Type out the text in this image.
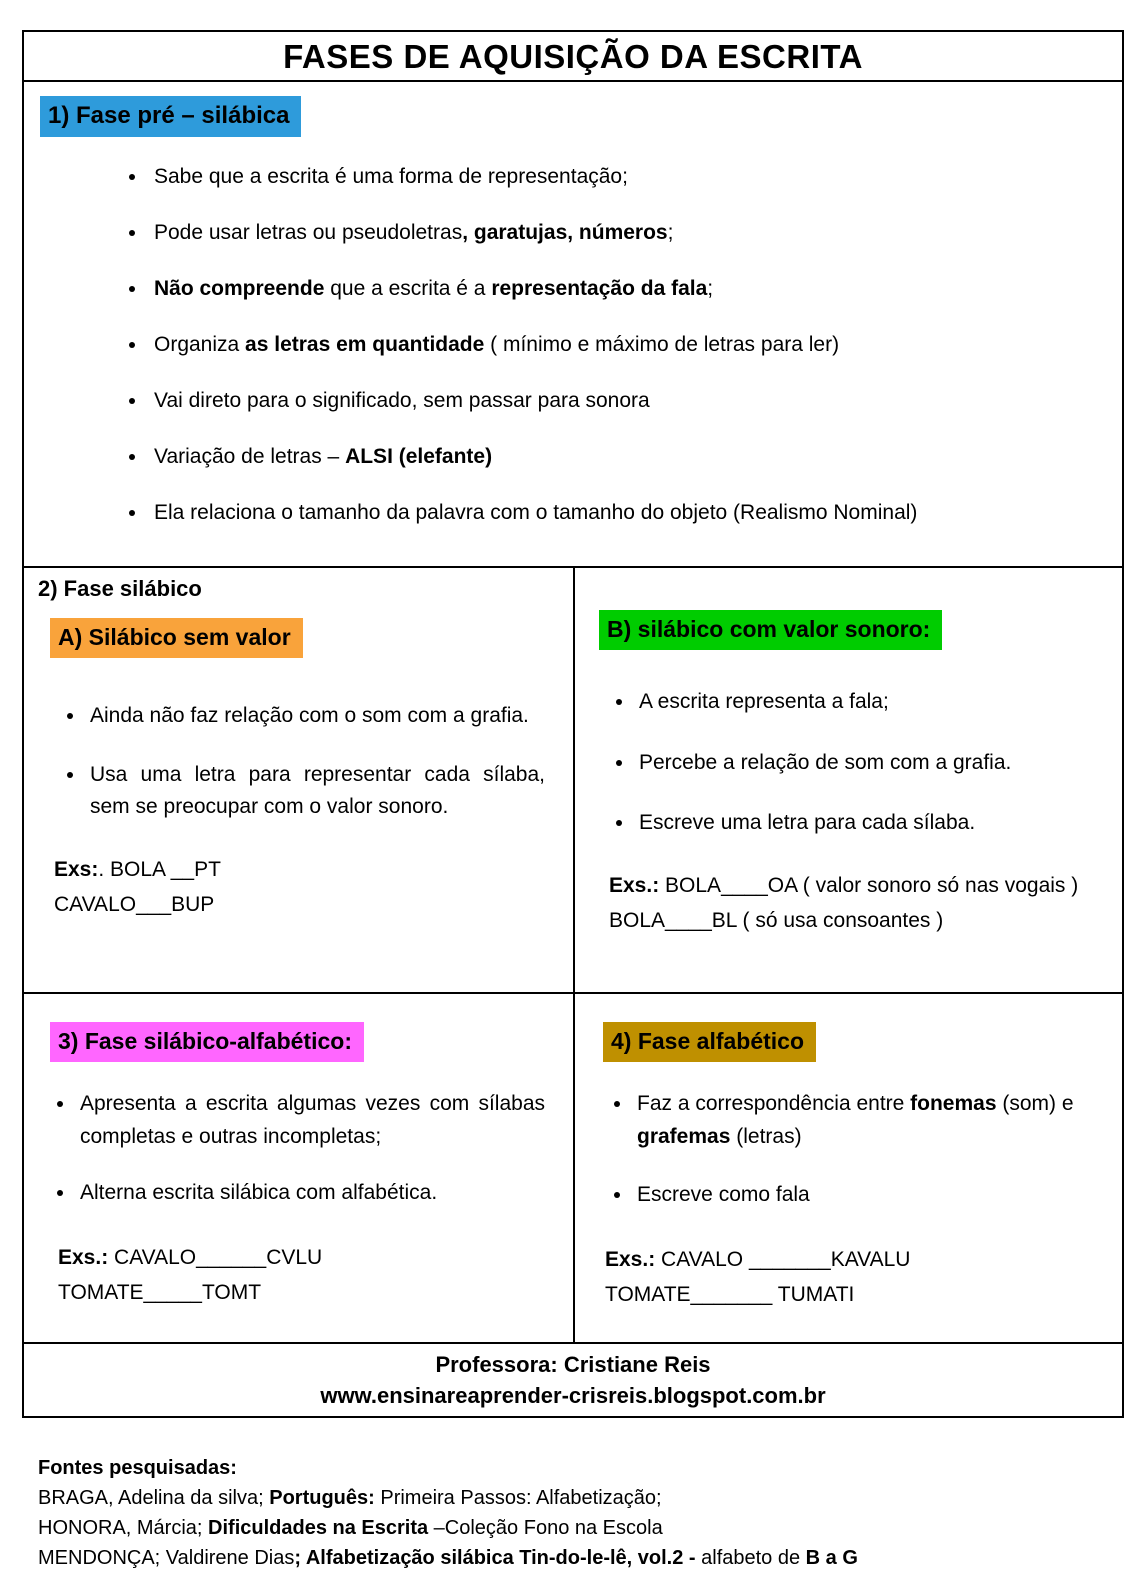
FASES DE AQUISIÇÃO DA ESCRITA
1) Fase pré – silábica
• Sabe que a escrita é uma forma de representação;
• Pode usar letras ou pseudoletras, garatujas, números;
• Não compreende que a escrita é a representação da fala;
• Organiza as letras em quantidade ( mínimo e máximo de letras para ler)
• Vai direto para o significado, sem passar para sonora
• Variação de letras – ALSI (elefante)
• Ela relaciona o tamanho da palavra com o tamanho do objeto (Realismo Nominal)
2) Fase silábico
A) Silábico sem valor
• Ainda não faz relação com o som com a grafia.
• Usa uma letra para representar cada sílaba, sem se preocupar com o valor sonoro.
Exs:. BOLA __PT
CAVALO___BUP
B) silábico com valor sonoro:
• A escrita representa a fala;
• Percebe a relação de som com a grafia.
• Escreve uma letra para cada sílaba.
Exs.: BOLA____OA ( valor sonoro só nas vogais )
BOLA____BL ( só usa consoantes )
3) Fase silábico-alfabético:
• Apresenta a escrita algumas vezes com sílabas completas e outras incompletas;
• Alterna escrita silábica com alfabética.
Exs.: CAVALO______CVLU
TOMATE_____TOMT
4) Fase alfabético
• Faz a correspondência entre fonemas (som) e grafemas (letras)
• Escreve como fala
Exs.: CAVALO _______KAVALU
TOMATE_______ TUMATI
Professora: Cristiane Reis
www.ensinareaprender-crisreis.blogspot.com.br
Fontes pesquisadas:
BRAGA, Adelina da silva; Português: Primeira Passos: Alfabetização;
HONORA, Márcia; Dificuldades na Escrita –Coleção Fono na Escola
MENDONÇA; Valdirene Dias; Alfabetização silábica Tin-do-le-lê, vol.2 - alfabeto de B a G
